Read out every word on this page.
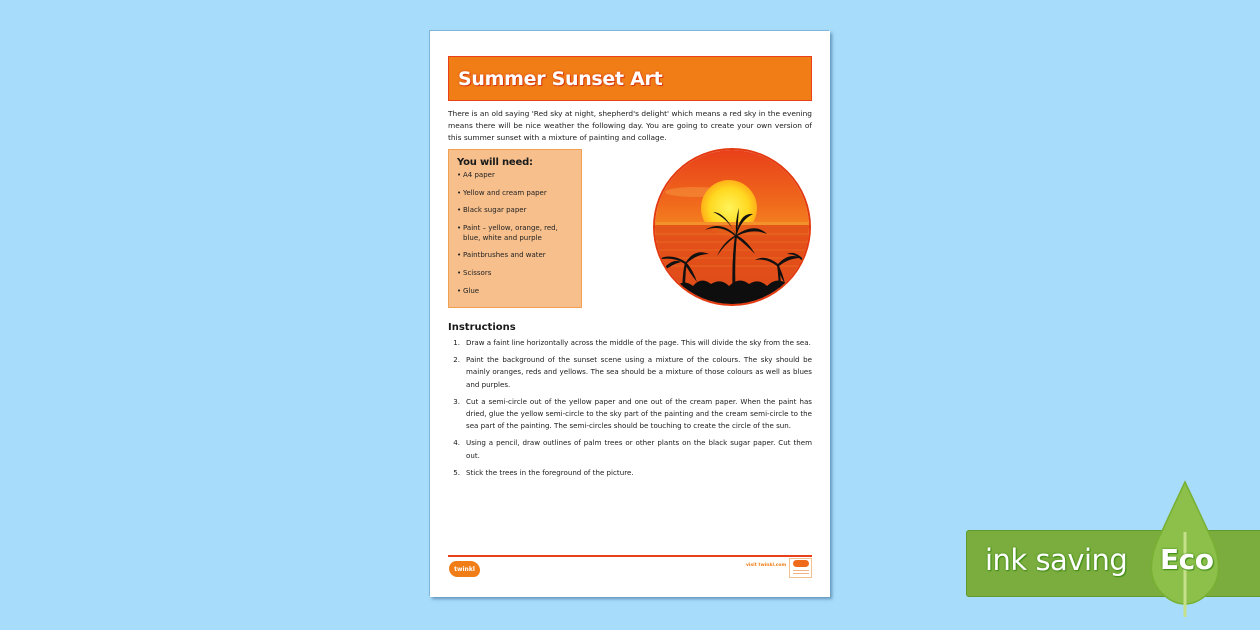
Summer Sunset Art

There is an old saying 'Red sky at night, shepherd's delight' which means a red sky in the evening means there will be nice weather the following day. You are going to create your own version of this summer sunset with a mixture of painting and collage.

You will need:
• A4 paper
• Yellow and cream paper
• Black sugar paper
• Paint – yellow, orange, red, blue, white and purple
• Paintbrushes and water
• Scissors
• Glue
Instructions
1. Draw a faint line horizontally across the middle of the page. This will divide the sky from the sea.
2. Paint the background of the sunset scene using a mixture of the colours. The sky should be mainly oranges, reds and yellows. The sea should be a mixture of those colours as well as blues and purples.
3. Cut a semi-circle out of the yellow paper and one out of the cream paper. When the paint has dried, glue the yellow semi-circle to the sky part of the painting and the cream semi-circle to the sea part of the painting. The semi-circles should be touching to create the circle of the sun.
4. Using a pencil, draw outlines of palm trees or other plants on the black sugar paper. Cut them out.
5. Stick the trees in the foreground of the picture.
twinkl	visit twinkl.com	ink saving Eco
